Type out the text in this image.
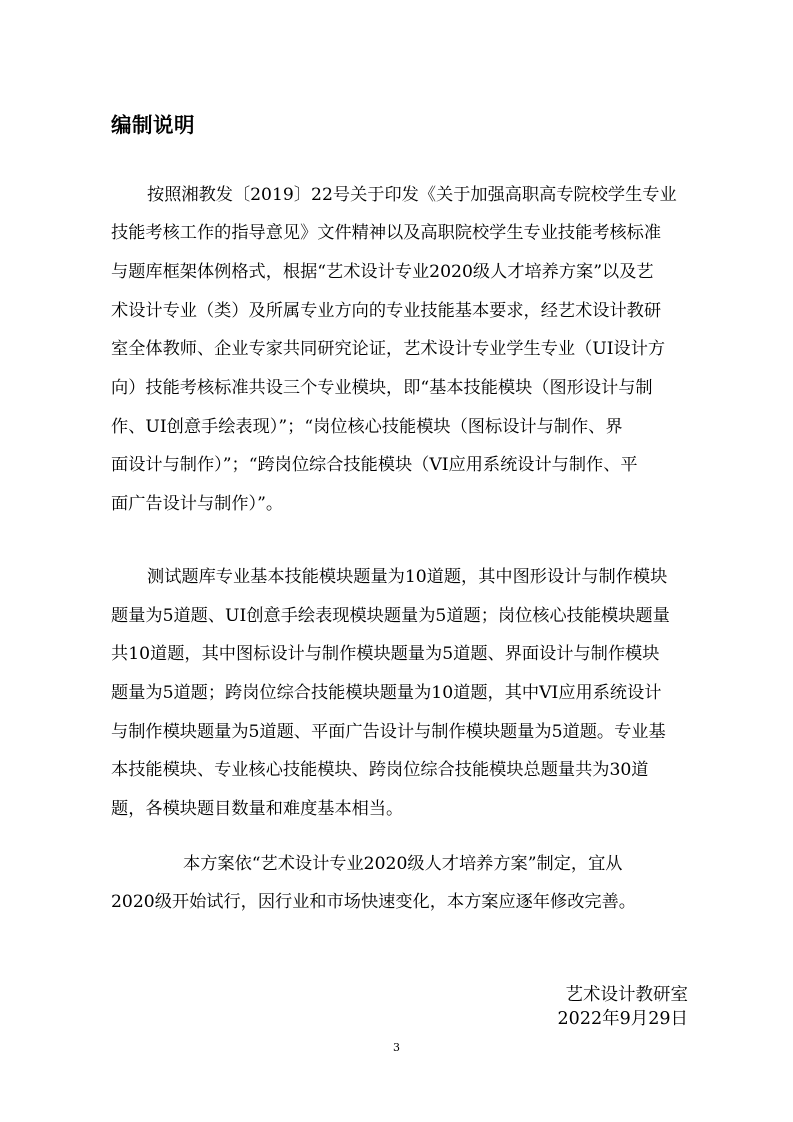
编制说明

按照湘教发〔2019〕22号关于印发《关于加强高职高专院校学生专业

技能考核工作的指导意见》文件精神以及高职院校学生专业技能考核标准

与题库框架体例格式，根据“艺术设计专业2020级人才培养方案”以及艺

术设计专业（类）及所属专业方向的专业技能基本要求，经艺术设计教研

室全体教师、企业专家共同研究论证，艺术设计专业学生专业（UI设计方

向）技能考核标准共设三个专业模块，即“基本技能模块（图形设计与制

作、UI创意手绘表现）”；“岗位核心技能模块（图标设计与制作、界

面设计与制作）”；“跨岗位综合技能模块（VI应用系统设计与制作、平

面广告设计与制作）”。

测试题库专业基本技能模块题量为10道题，其中图形设计与制作模块

题量为5道题、UI创意手绘表现模块题量为5道题；岗位核心技能模块题量

共10道题，其中图标设计与制作模块题量为5道题、界面设计与制作模块

题量为5道题；跨岗位综合技能模块题量为10道题，其中VI应用系统设计

与制作模块题量为5道题、平面广告设计与制作模块题量为5道题。专业基

本技能模块、专业核心技能模块、跨岗位综合技能模块总题量共为30道

题，各模块题目数量和难度基本相当。

本方案依“艺术设计专业2020级人才培养方案”制定，宜从

2020级开始试行，因行业和市场快速变化，本方案应逐年修改完善。

艺术设计教研室
2022年9月29日
3
